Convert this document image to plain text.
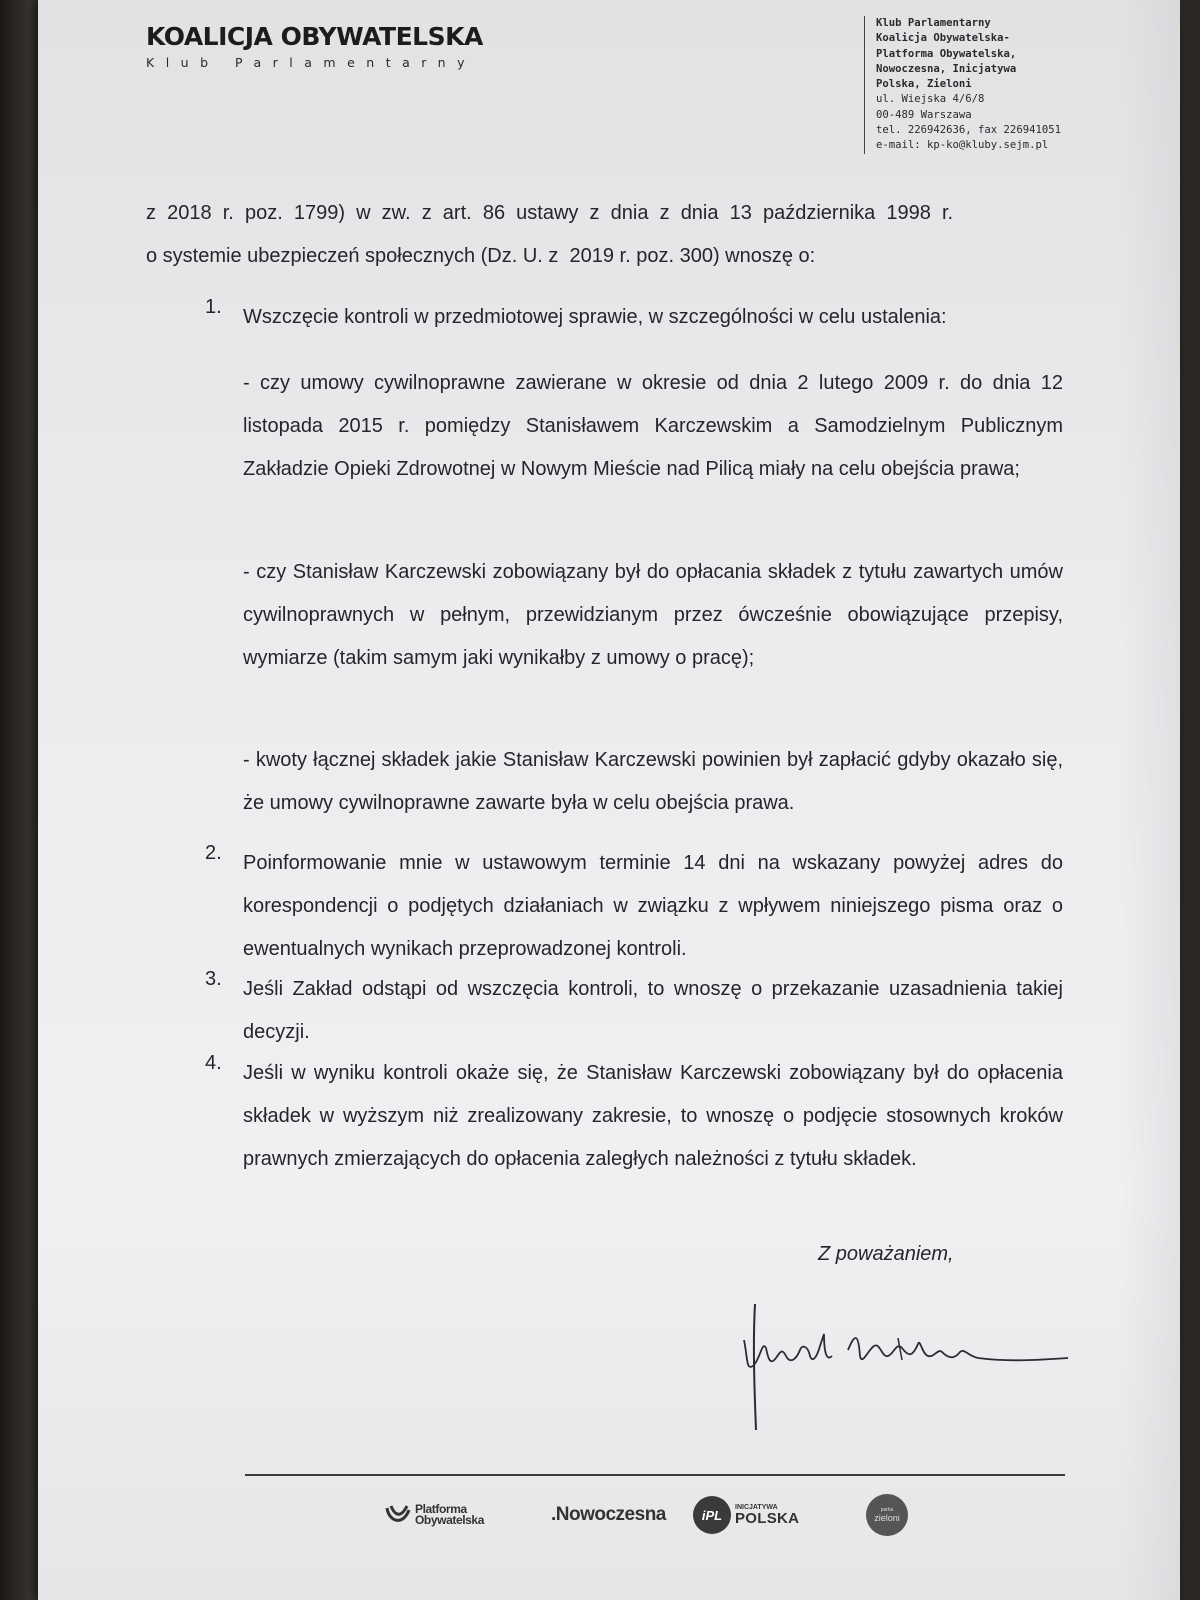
KOALICJA OBYWATELSKA
Klub Parlamentarny
Klub Parlamentarny
Koalicja Obywatelska-
Platforma Obywatelska,
Nowoczesna, Inicjatywa
Polska, Zieloni
ul. Wiejska 4/6/8
00-489 Warszawa
tel. 226942636, fax 226941051
e-mail: kp-ko@kluby.sejm.pl
z  2018  r.  poz.  1799)  w  zw.  z  art.  86  ustawy  z  dnia  z  dnia  13  października  1998  r.
o systemie ubezpieczeń społecznych (Dz. U. z  2019 r. poz. 300) wnoszę o:
1.	Wszczęcie kontroli w przedmiotowej sprawie, w szczególności w celu ustalenia:
- czy umowy cywilnoprawne zawierane w okresie od dnia 2 lutego 2009 r. do dnia 12 listopada 2015 r. pomiędzy Stanisławem Karczewskim a Samodzielnym Publicznym Zakładzie Opieki Zdrowotnej w Nowym Mieście nad Pilicą miały na celu obejścia prawa;
- czy Stanisław Karczewski zobowiązany był do opłacania składek z tytułu zawartych umów cywilnoprawnych w pełnym, przewidzianym przez ówcześnie obowiązujące przepisy, wymiarze (takim samym jaki wynikałby z umowy o pracę);
- kwoty łącznej składek jakie Stanisław Karczewski powinien był zapłacić gdyby okazało się, że umowy cywilnoprawne zawarte była w celu obejścia prawa.
2.	Poinformowanie mnie w ustawowym terminie 14 dni na wskazany powyżej adres do korespondencji o podjętych działaniach w związku z wpływem niniejszego pisma oraz o ewentualnych wynikach przeprowadzonej kontroli.
3.	Jeśli Zakład odstąpi od wszczęcia kontroli, to wnoszę o przekazanie uzasadnienia takiej decyzji.
4.	Jeśli w wyniku kontroli okaże się, że Stanisław Karczewski zobowiązany był do opłacenia składek w wyższym niż zrealizowany zakresie, to wnoszę o podjęcie stosownych kroków prawnych zmierzających do opłacenia zaległych należności z tytułu składek.
Z poważaniem,
Platforma
Obywatelska	.Nowoczesna	iPL	INICJATYWA
POLSKA	partia
zieloni
